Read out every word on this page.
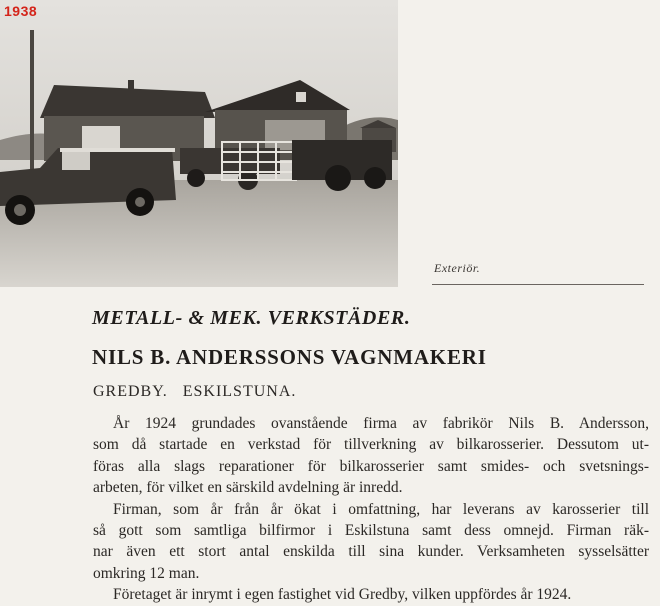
1938
Exteriör.
METALL- & MEK. VERKSTÄDER.
NILS B. ANDERSSONS VAGNMAKERI
GREDBY. ESKILSTUNA.
År 1924 grundades ovanstående firma av fabrikör Nils B. Andersson,
som då startade en verkstad för tillverkning av bilkarosserier. Dessutom ut-
föras alla slags reparationer för bilkarosserier samt smides- och svetsnings-
arbeten, för vilket en särskild avdelning är inredd.
Firman, som år från år ökat i omfattning, har leverans av karosserier till
så gott som samtliga bilfirmor i Eskilstuna samt dess omnejd. Firman räk-
nar även ett stort antal enskilda till sina kunder. Verksamheten sysselsätter
omkring 12 man.
Företaget är inrymt i egen fastighet vid Gredby, vilken uppfördes år 1924.
